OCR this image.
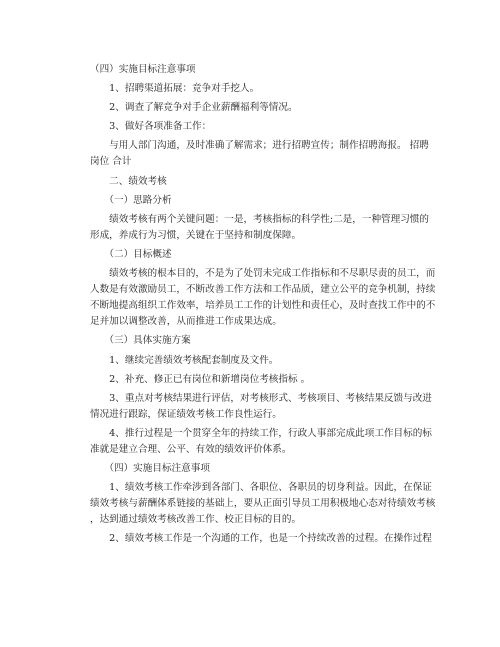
（四）实施目标注意事项

　　1、招聘渠道拓展：竞争对手挖人。

　　2、调查了解竞争对手企业薪酬福利等情况。

　　3、做好各项准备工作：

　　与用人部门沟通，及时准确了解需求；进行招聘宣传；制作招聘海报。 招聘

岗位 合计

　　二、绩效考核

　　（一）思路分析

　　绩效考核有两个关键问题：一是，考核指标的科学性;二是，一种管理习惯的

形成，养成行为习惯，关键在于坚持和制度保障。

　　（二）目标概述

　　绩效考核的根本目的，不是为了处罚未完成工作指标和不尽职尽责的员工，而

人数是有效激励员工，不断改善工作方法和工作品质，建立公平的竞争机制，持续

不断地提高组织工作效率，培养员工工作的计划性和责任心，及时查找工作中的不

足并加以调整改善，从而推进工作成果达成。

　　（三）具体实施方案

　　1、继续完善绩效考核配套制度及文件。

　　2、补充、修正已有岗位和新增岗位考核指标 。

　　3、重点对考核结果进行评估，对考核形式、考核项目、考核结果反馈与改进

情况进行跟踪，保证绩效考核工作良性运行。

　　4、推行过程是一个贯穿全年的持续工作，行政人事部完成此项工作目标的标

准就是建立合理、公平、有效的绩效评价体系。

　　（四）实施目标注意事项

　　1、绩效考核工作牵涉到各部门、各职位、各职员的切身利益。因此，在保证

绩效考核与薪酬体系链接的基础上，要从正面引导员工用积极地心态对待绩效考核

，达到通过绩效考核改善工作、校正目标的目的。

　　2、绩效考核工作是一个沟通的工作，也是一个持续改善的过程。在操作过程
